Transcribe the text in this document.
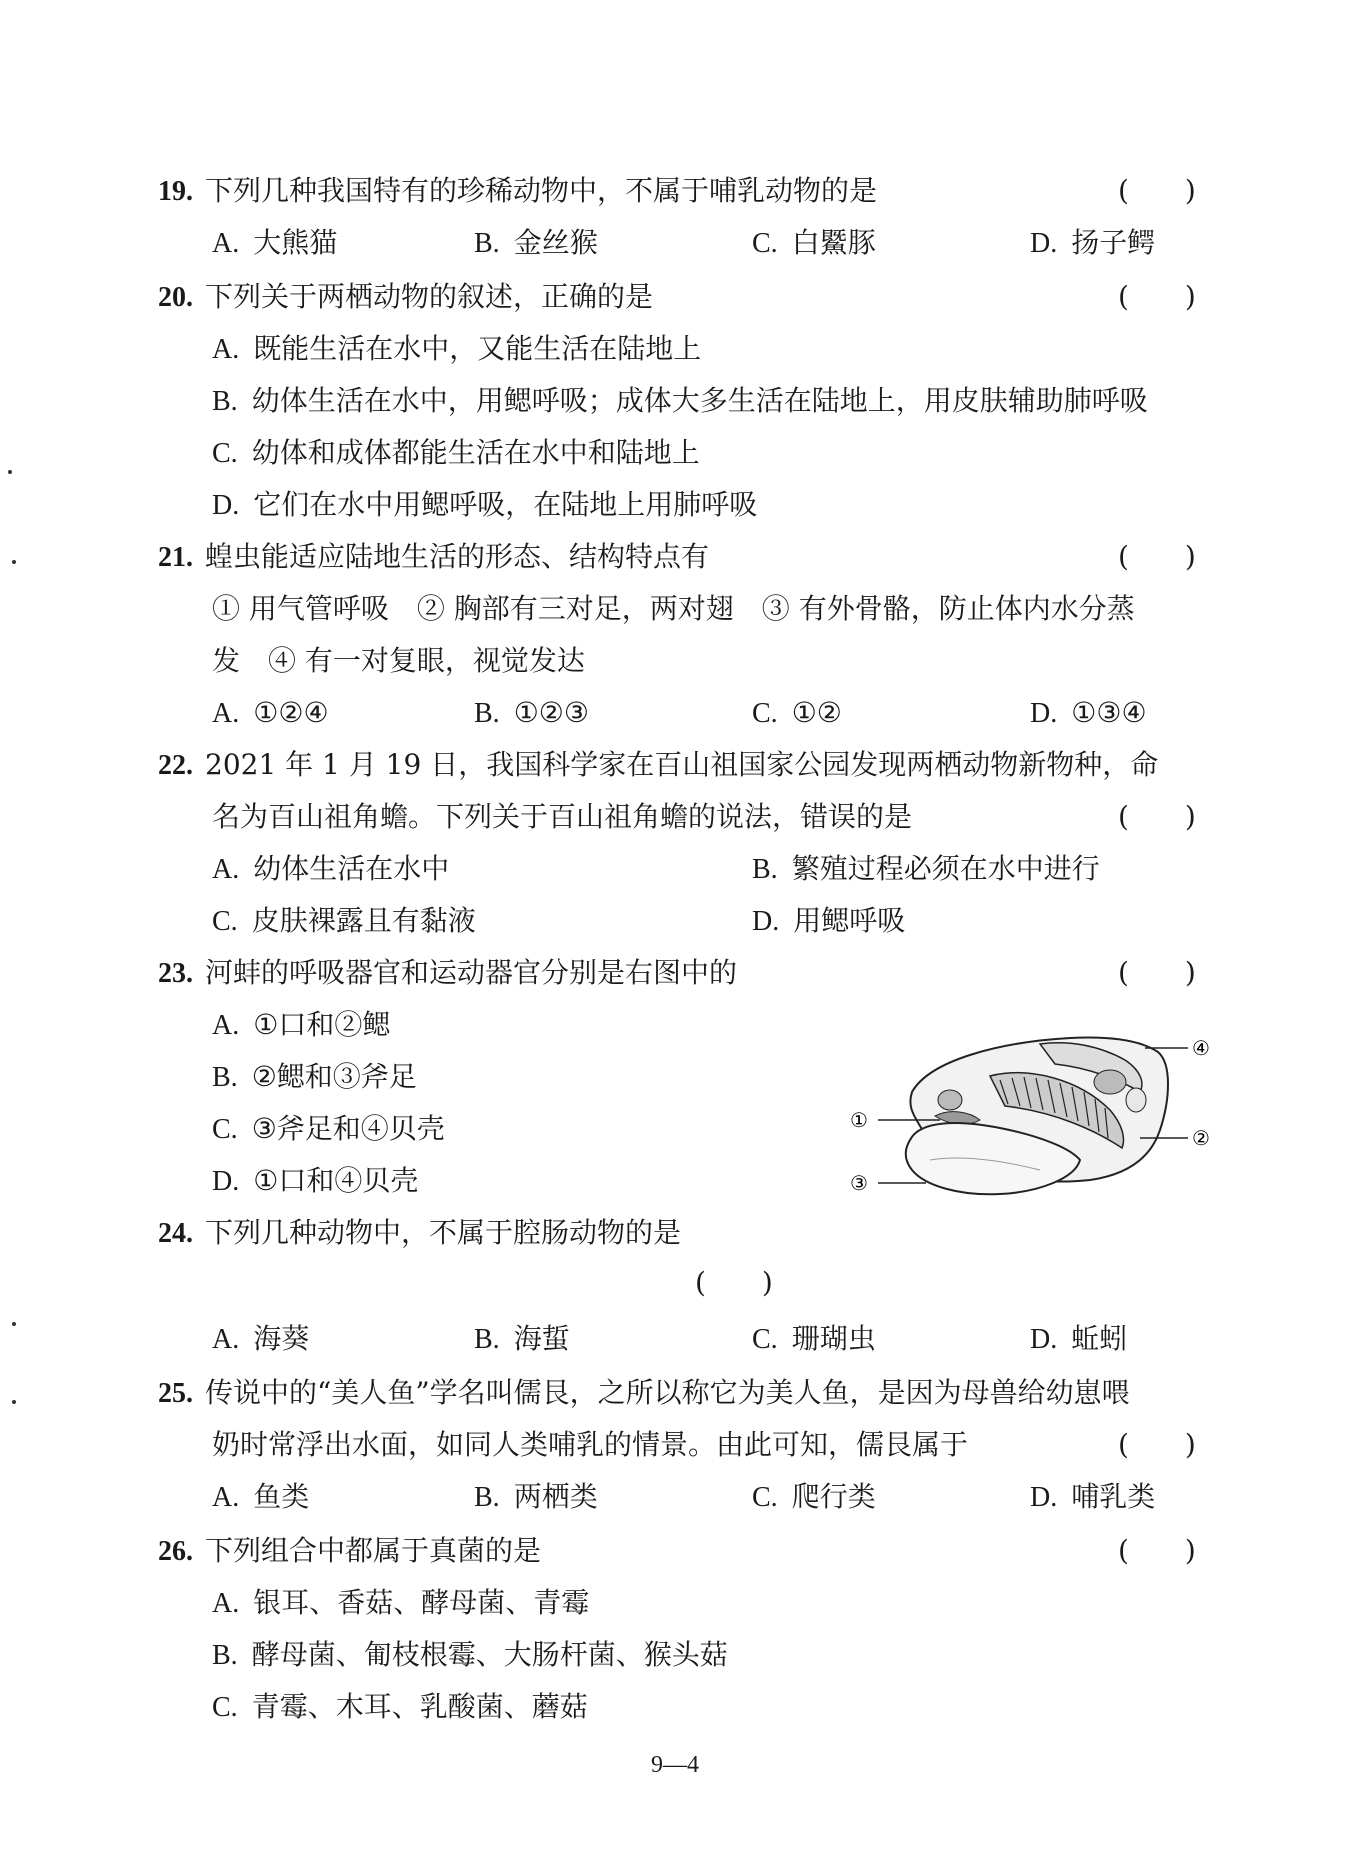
19. 下列几种我国特有的珍稀动物中，不属于哺乳动物的是	(　　)
A. 大熊猫	B. 金丝猴	C. 白鱀豚	D. 扬子鳄
20. 下列关于两栖动物的叙述，正确的是	(　　)
A. 既能生活在水中，又能生活在陆地上
B. 幼体生活在水中，用鳃呼吸；成体大多生活在陆地上，用皮肤辅助肺呼吸
C. 幼体和成体都能生活在水中和陆地上
D. 它们在水中用鳃呼吸，在陆地上用肺呼吸
21. 蝗虫能适应陆地生活的形态、结构特点有	(　　)
① 用气管呼吸　② 胸部有三对足，两对翅　③ 有外骨骼，防止体内水分蒸
发　④ 有一对复眼，视觉发达
A. ①②④	B. ①②③	C. ①②	D. ①③④
22. 2021 年 1 月 19 日，我国科学家在百山祖国家公园发现两栖动物新物种，命
名为百山祖角蟾。下列关于百山祖角蟾的说法，错误的是	(　　)
A. 幼体生活在水中	B. 繁殖过程必须在水中进行
C. 皮肤裸露且有黏液	D. 用鳃呼吸
23. 河蚌的呼吸器官和运动器官分别是右图中的	(　　)
A. ①口和②鳃
B. ②鳃和③斧足
C. ③斧足和④贝壳
D. ①口和④贝壳
④
①
②
③
24. 下列几种动物中，不属于腔肠动物的是
(　　)
A. 海葵	B. 海蜇	C. 珊瑚虫	D. 蚯蚓
25. 传说中的“美人鱼”学名叫儒艮，之所以称它为美人鱼，是因为母兽给幼崽喂
奶时常浮出水面，如同人类哺乳的情景。由此可知，儒艮属于	(　　)
A. 鱼类	B. 两栖类	C. 爬行类	D. 哺乳类
26. 下列组合中都属于真菌的是	(　　)
A. 银耳、香菇、酵母菌、青霉
B. 酵母菌、匍枝根霉、大肠杆菌、猴头菇
C. 青霉、木耳、乳酸菌、蘑菇
9—4
